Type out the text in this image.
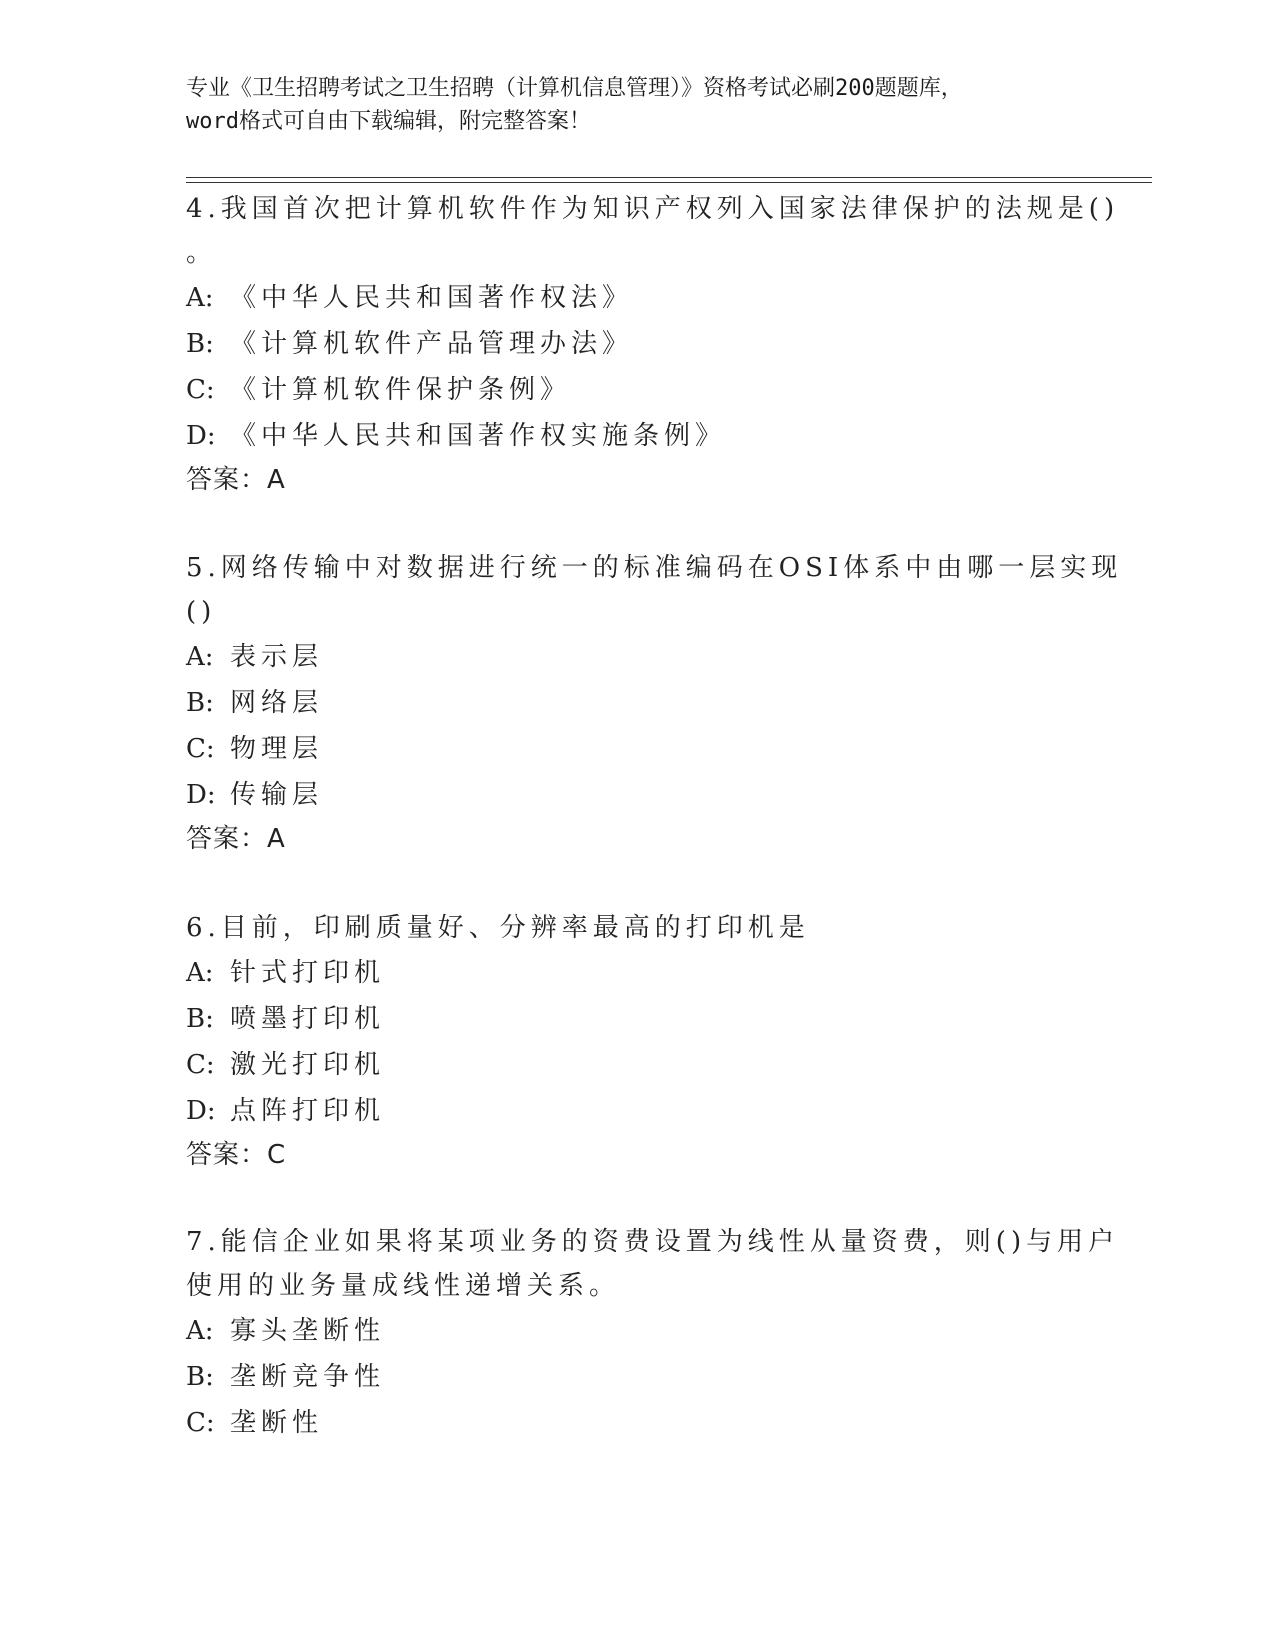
专业《卫生招聘考试之卫生招聘（计算机信息管理）》资格考试必刷200题题库，
word格式可自由下载编辑，附完整答案！
4.我国首次把计算机软件作为知识产权列入国家法律保护的法规是()
。
A: 《中华人民共和国著作权法》
B: 《计算机软件产品管理办法》
C: 《计算机软件保护条例》
D: 《中华人民共和国著作权实施条例》
答案：A
5.网络传输中对数据进行统一的标准编码在OSI体系中由哪一层实现
()
A: 表示层
B: 网络层
C: 物理层
D: 传输层
答案：A
6.目前，印刷质量好、分辨率最高的打印机是
A: 针式打印机
B: 喷墨打印机
C: 激光打印机
D: 点阵打印机
答案：C
7.能信企业如果将某项业务的资费设置为线性从量资费，则()与用户
使用的业务量成线性递增关系。
A: 寡头垄断性
B: 垄断竞争性
C: 垄断性
